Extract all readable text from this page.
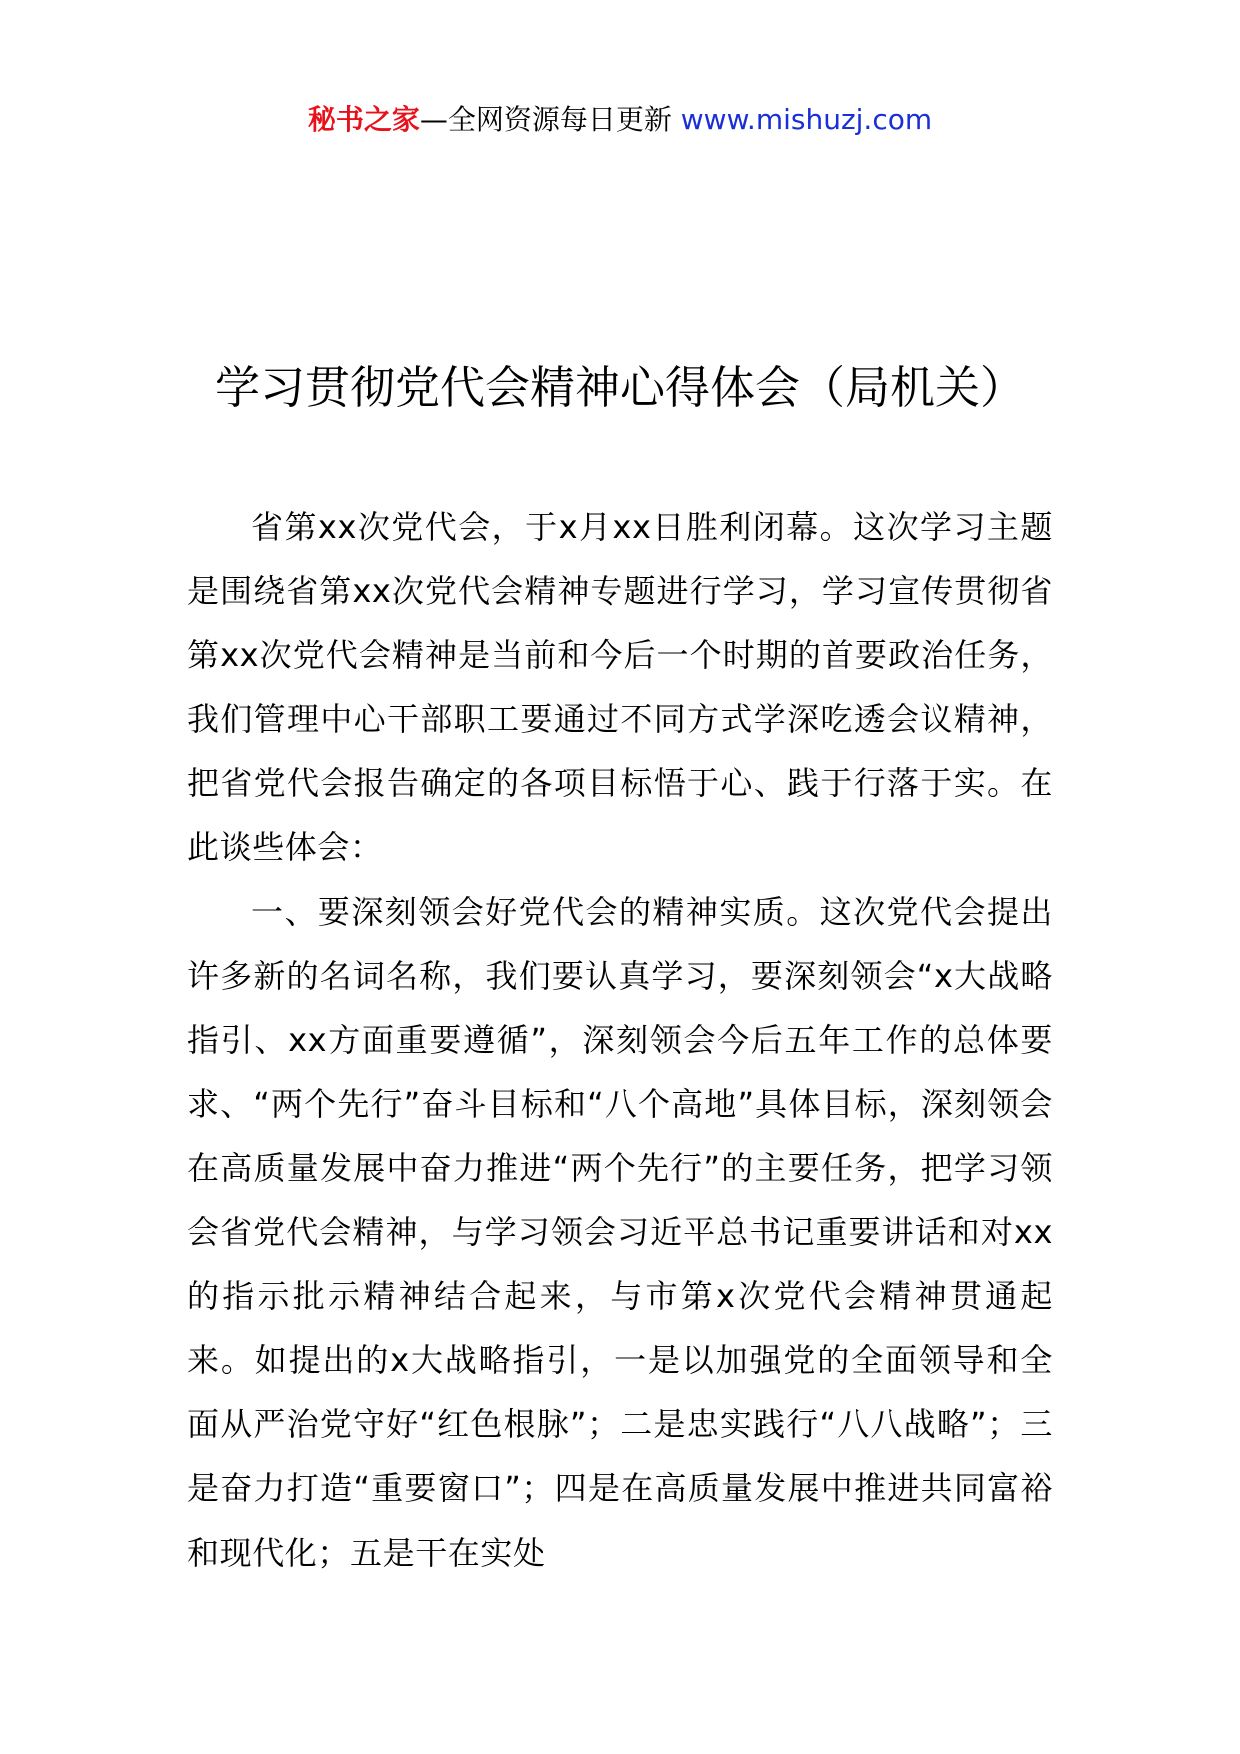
秘书之家—全网资源每日更新 www.mishuzj.com
学习贯彻党代会精神心得体会（局机关）

省第xx次党代会，于x月xx日胜利闭幕。这次学习主题是围绕省第xx次党代会精神专题进行学习，学习宣传贯彻省第xx次党代会精神是当前和今后一个时期的首要政治任务，我们管理中心干部职工要通过不同方式学深吃透会议精神，把省党代会报告确定的各项目标悟于心、践于行落于实。在此谈些体会：

一、要深刻领会好党代会的精神实质。这次党代会提出许多新的名词名称，我们要认真学习，要深刻领会“x大战略指引、xx方面重要遵循”，深刻领会今后五年工作的总体要求、“两个先行”奋斗目标和“八个高地”具体目标，深刻领会在高质量发展中奋力推进“两个先行”的主要任务，把学习领会省党代会精神，与学习领会习近平总书记重要讲话和对xx的指示批示精神结合起来，与市第x次党代会精神贯通起来。如提出的x大战略指引，一是以加强党的全面领导和全面从严治党守好“红色根脉”；二是忠实践行“八八战略”；三是奋力打造“重要窗口”；四是在高质量发展中推进共同富裕和现代化；五是干在实处
